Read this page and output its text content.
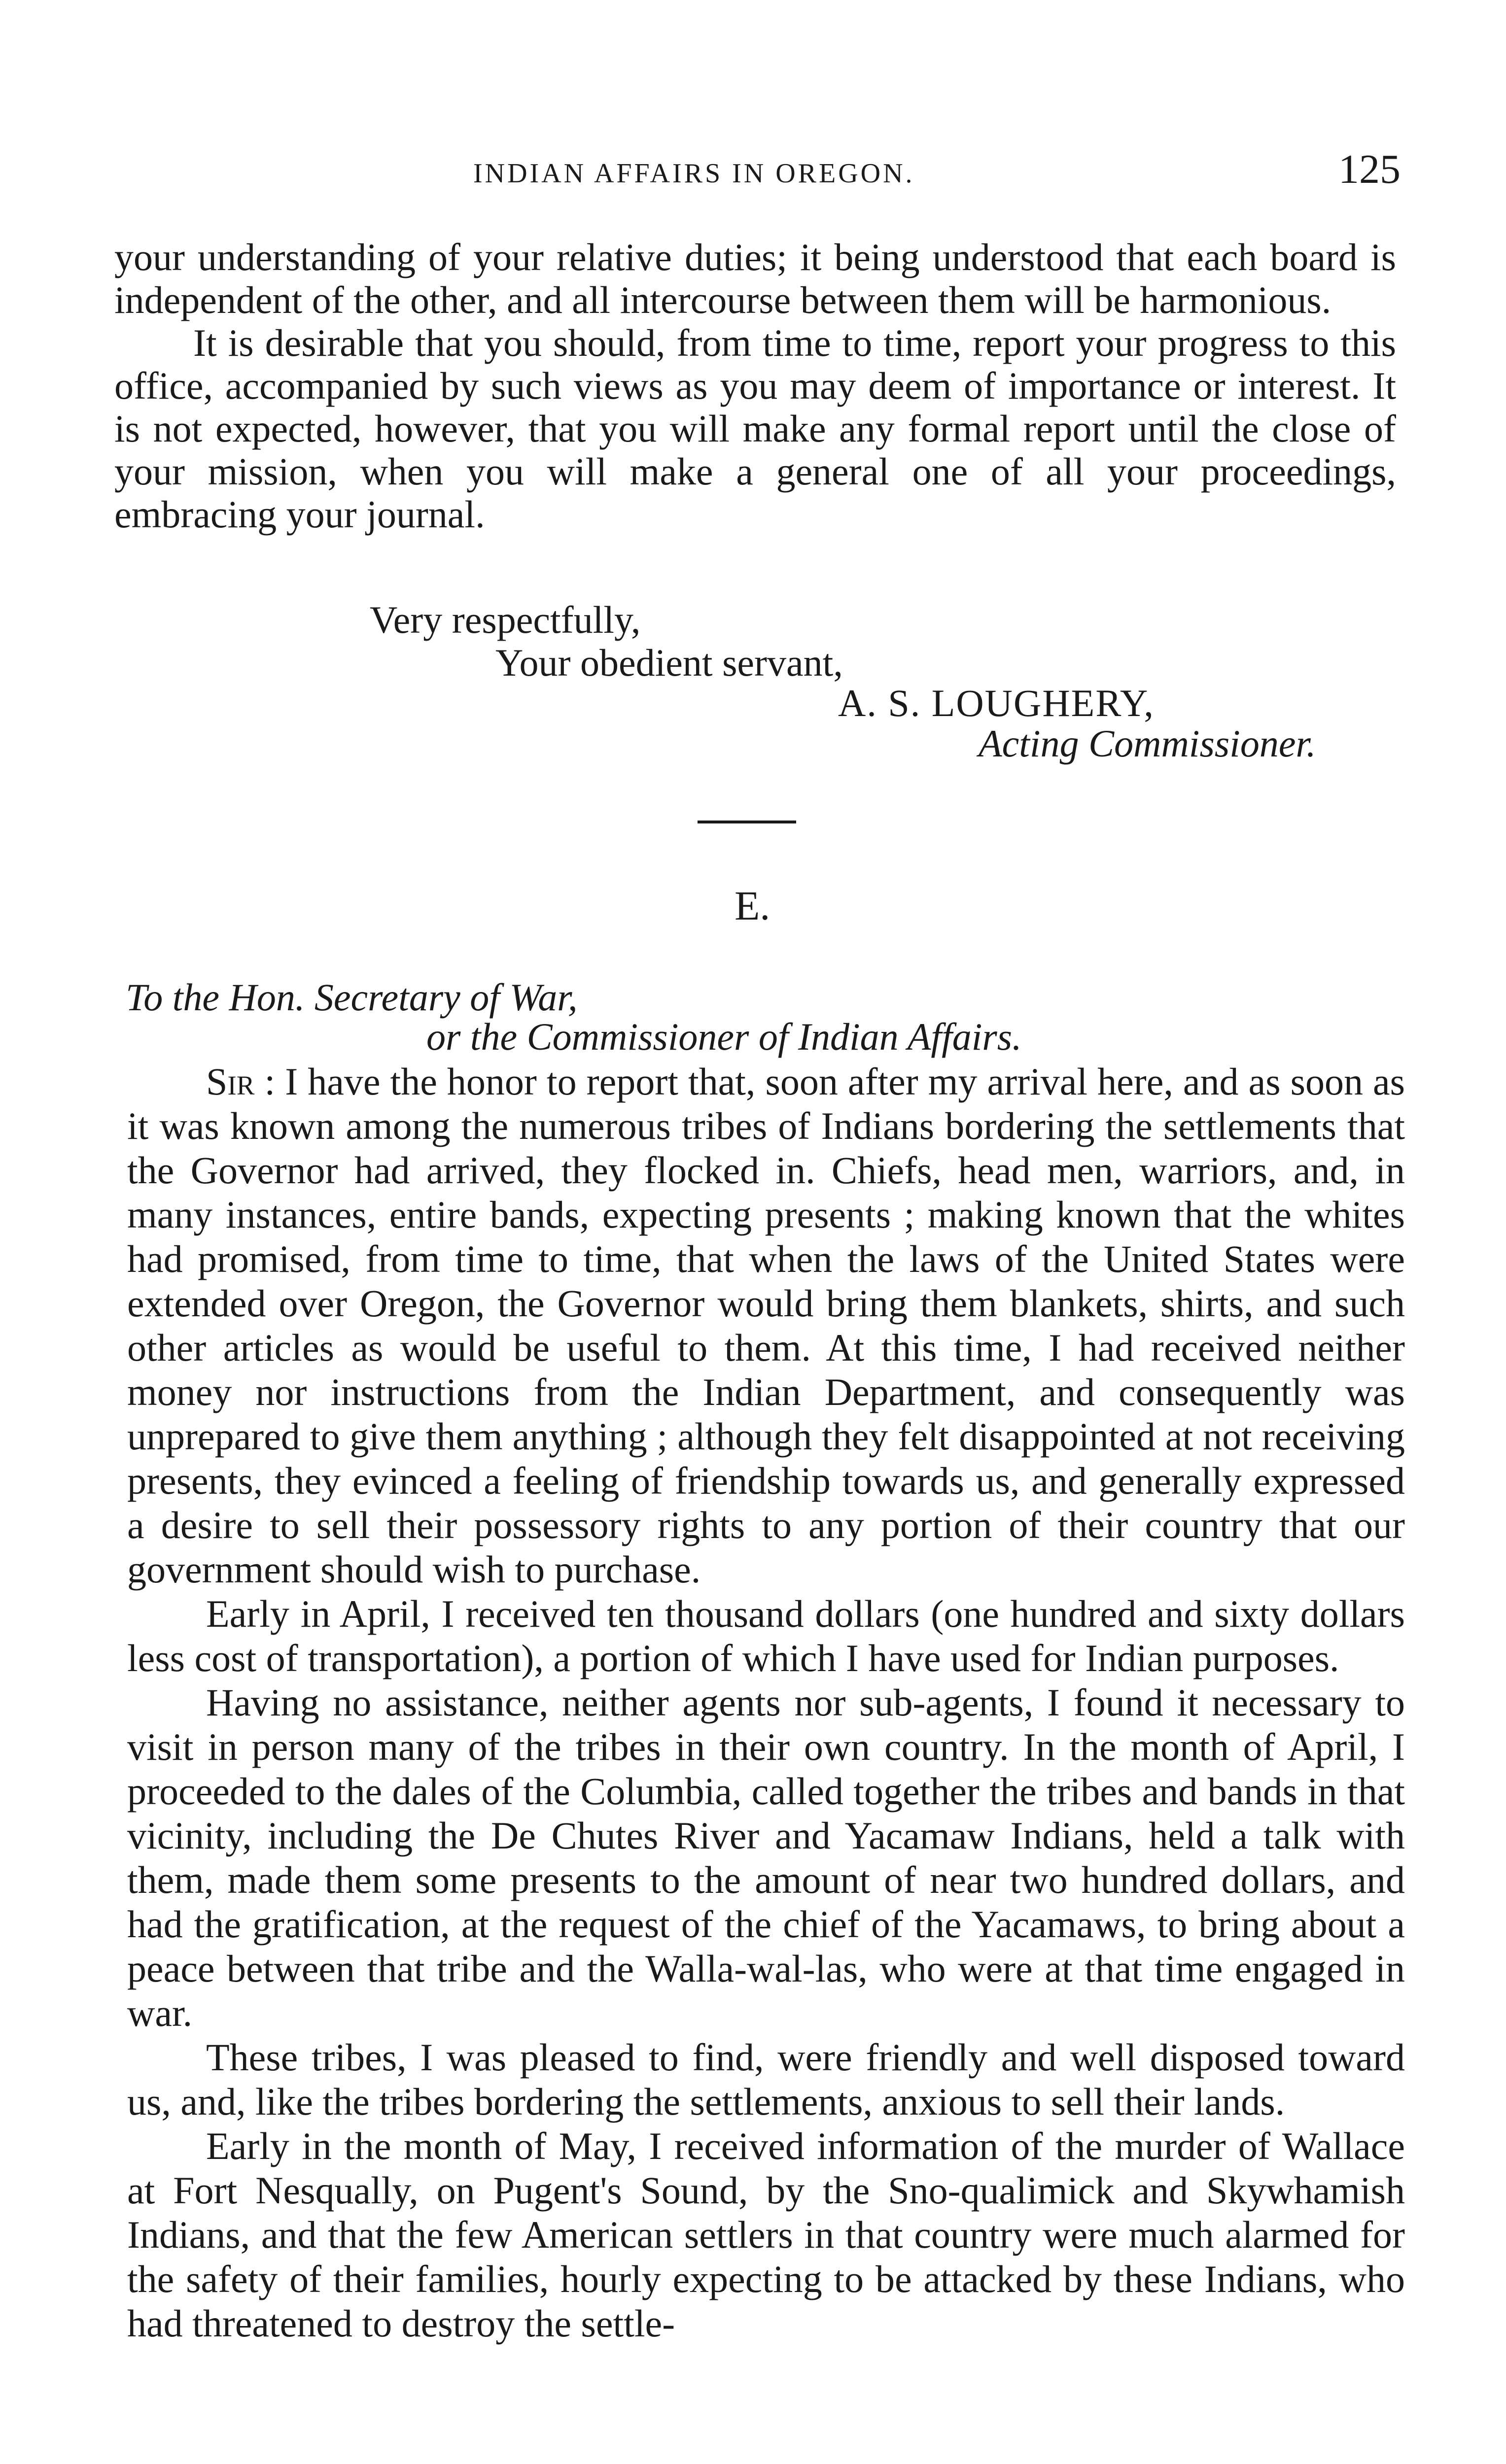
INDIAN AFFAIRS IN OREGON.	125

your understanding of your relative duties; it being understood that each board is independent of the other, and all intercourse between them will be harmonious.

It is desirable that you should, from time to time, report your progress to this office, accompanied by such views as you may deem of importance or interest. It is not expected, however, that you will make any formal report until the close of your mission, when you will make a general one of all your proceedings, embracing your journal.

Very respectfully,
Your obedient servant,
A. S. LOUGHERY,
Acting Commissioner.
E.
To the Hon. Secretary of War,
or the Commissioner of Indian Affairs.

Sir : I have the honor to report that, soon after my arrival here, and as soon as it was known among the numerous tribes of Indians bordering the settlements that the Governor had arrived, they flocked in. Chiefs, head men, warriors, and, in many instances, entire bands, expecting presents ; making known that the whites had promised, from time to time, that when the laws of the United States were extended over Oregon, the Governor would bring them blankets, shirts, and such other articles as would be useful to them. At this time, I had received neither money nor instructions from the Indian Department, and consequently was unprepared to give them anything ; although they felt disappointed at not receiving presents, they evinced a feeling of friendship towards us, and generally expressed a desire to sell their possessory rights to any portion of their country that our government should wish to purchase.

Early in April, I received ten thousand dollars (one hundred and sixty dollars less cost of transportation), a portion of which I have used for Indian purposes.

Having no assistance, neither agents nor sub-agents, I found it necessary to visit in person many of the tribes in their own country. In the month of April, I proceeded to the dales of the Columbia, called together the tribes and bands in that vicinity, including the De Chutes River and Yacamaw Indians, held a talk with them, made them some presents to the amount of near two hundred dollars, and had the gratification, at the request of the chief of the Yacamaws, to bring about a peace between that tribe and the Walla-wal-las, who were at that time engaged in war.

These tribes, I was pleased to find, were friendly and well disposed toward us, and, like the tribes bordering the settlements, anxious to sell their lands.

Early in the month of May, I received information of the murder of Wallace at Fort Nesqually, on Pugent's Sound, by the Sno-qualimick and Skywhamish Indians, and that the few American settlers in that country were much alarmed for the safety of their families, hourly expecting to be attacked by these Indians, who had threatened to destroy the settle-
